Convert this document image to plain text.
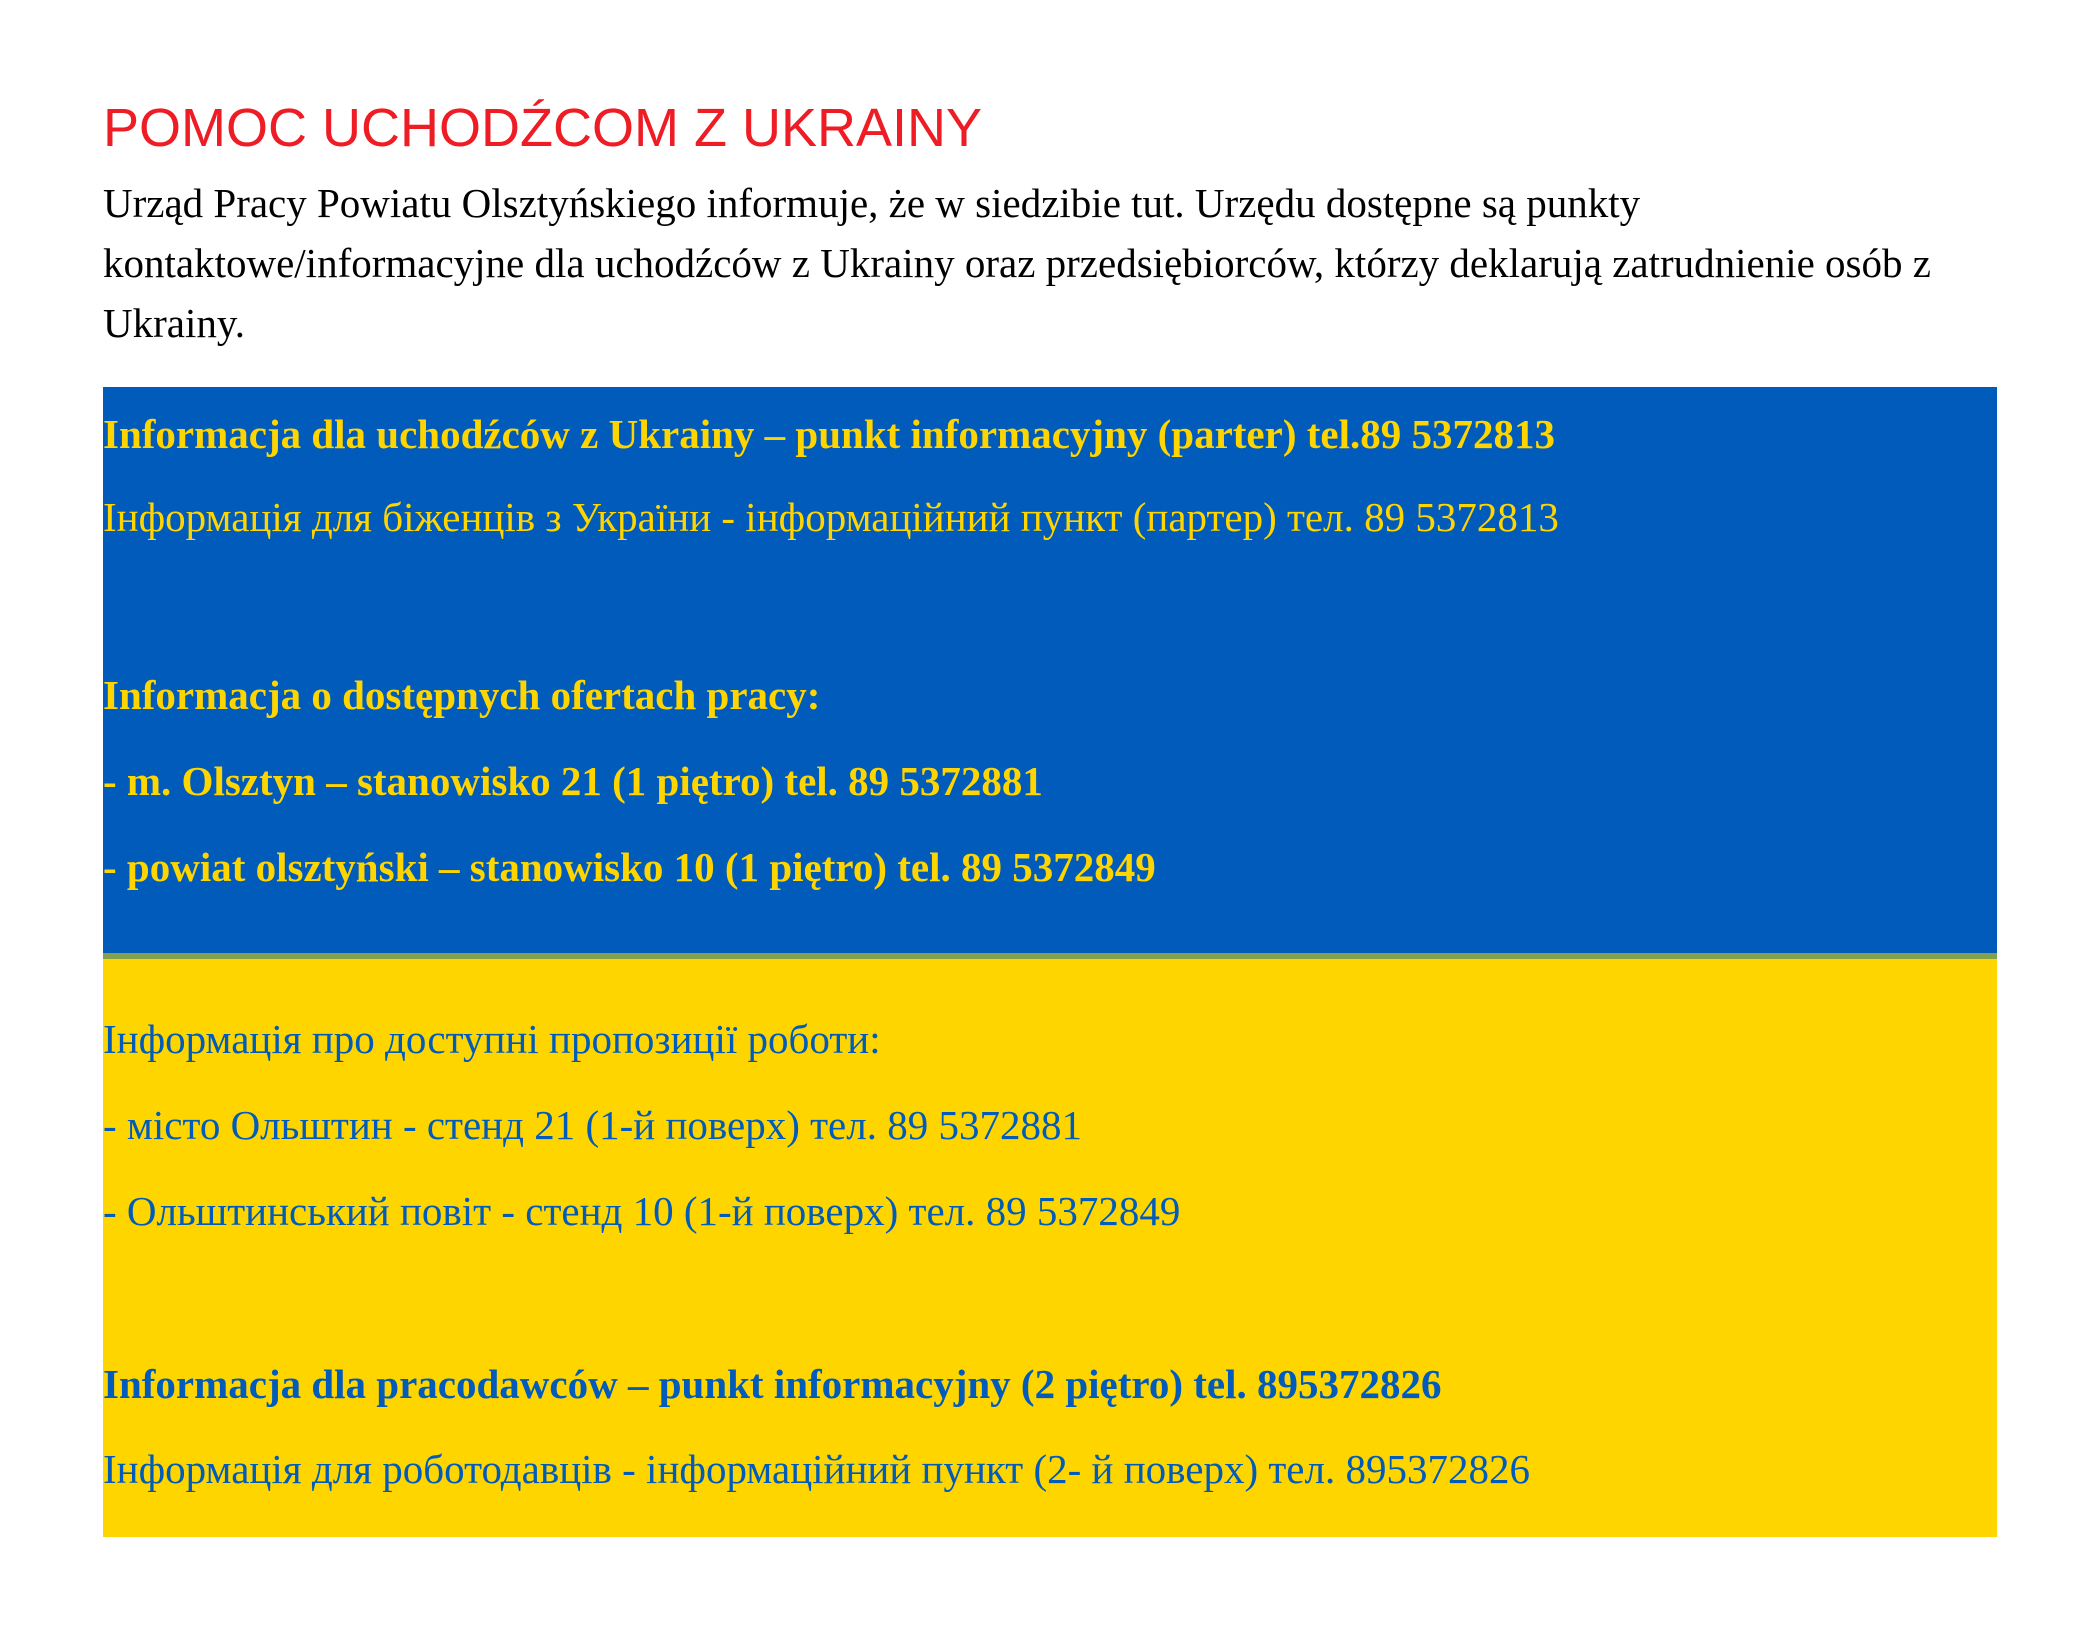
POMOC UCHODŹCOM Z UKRAINY

Urząd Pracy Powiatu Olsztyńskiego informuje, że w siedzibie tut. Urzędu dostępne są punkty kontaktowe/informacyjne dla uchodźców z Ukrainy oraz przedsiębiorców, którzy deklarują zatrudnienie osób z Ukrainy.

Informacja dla uchodźców z Ukrainy – punkt informacyjny (parter) tel.89 5372813

Інформація для біженців з України - інформаційний пункт (партер) тел. 89 5372813

Informacja o dostępnych ofertach pracy:

- m. Olsztyn – stanowisko 21 (1 piętro) tel. 89 5372881

- powiat olsztyński – stanowisko 10 (1 piętro) tel. 89 5372849

Інформація про доступні пропозиції роботи:

- місто Ольштин - стенд 21 (1-й поверх) тел. 89 5372881

- Ольштинський повіт - стенд 10 (1-й поверх) тел. 89 5372849

Informacja dla pracodawców – punkt informacyjny (2 piętro) tel. 895372826

Інформація для роботодавців - інформаційний пункт (2- й поверх) тел. 895372826
